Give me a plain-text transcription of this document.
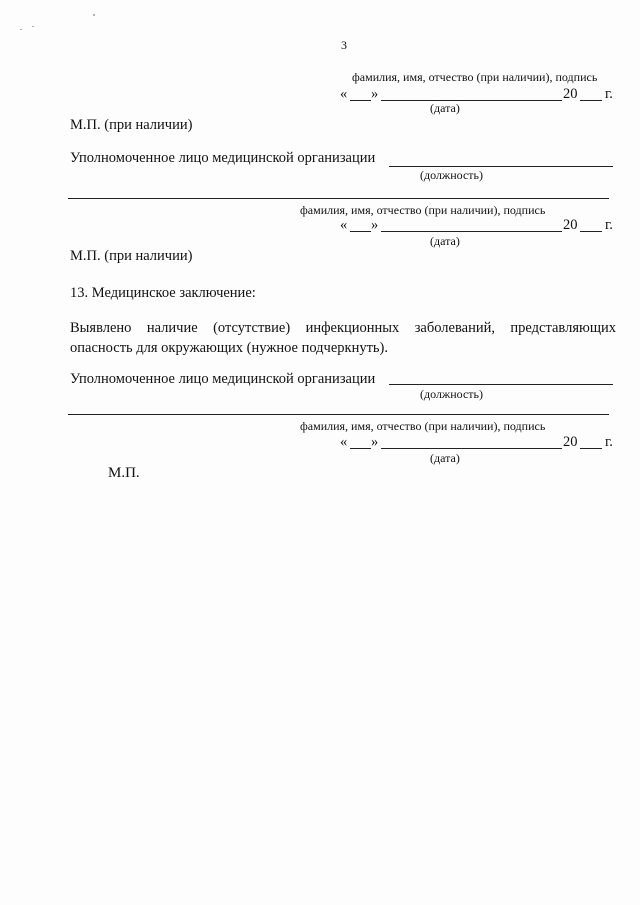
3
фамилия, имя, отчество (при наличии), подпись
« »	20 г.
(дата)
М.П. (при наличии)
Уполномоченное лицо медицинской организации
(должность)
фамилия, имя, отчество (при наличии), подпись
« »	20 г.
(дата)
М.П. (при наличии)
13. Медицинское заключение:
Выявлено наличие (отсутствие) инфекционных заболеваний, представляющих опасность для окружающих (нужное подчеркнуть).
Уполномоченное лицо медицинской организации
(должность)
фамилия, имя, отчество (при наличии), подпись
« »	20 г.
(дата)
М.П.
